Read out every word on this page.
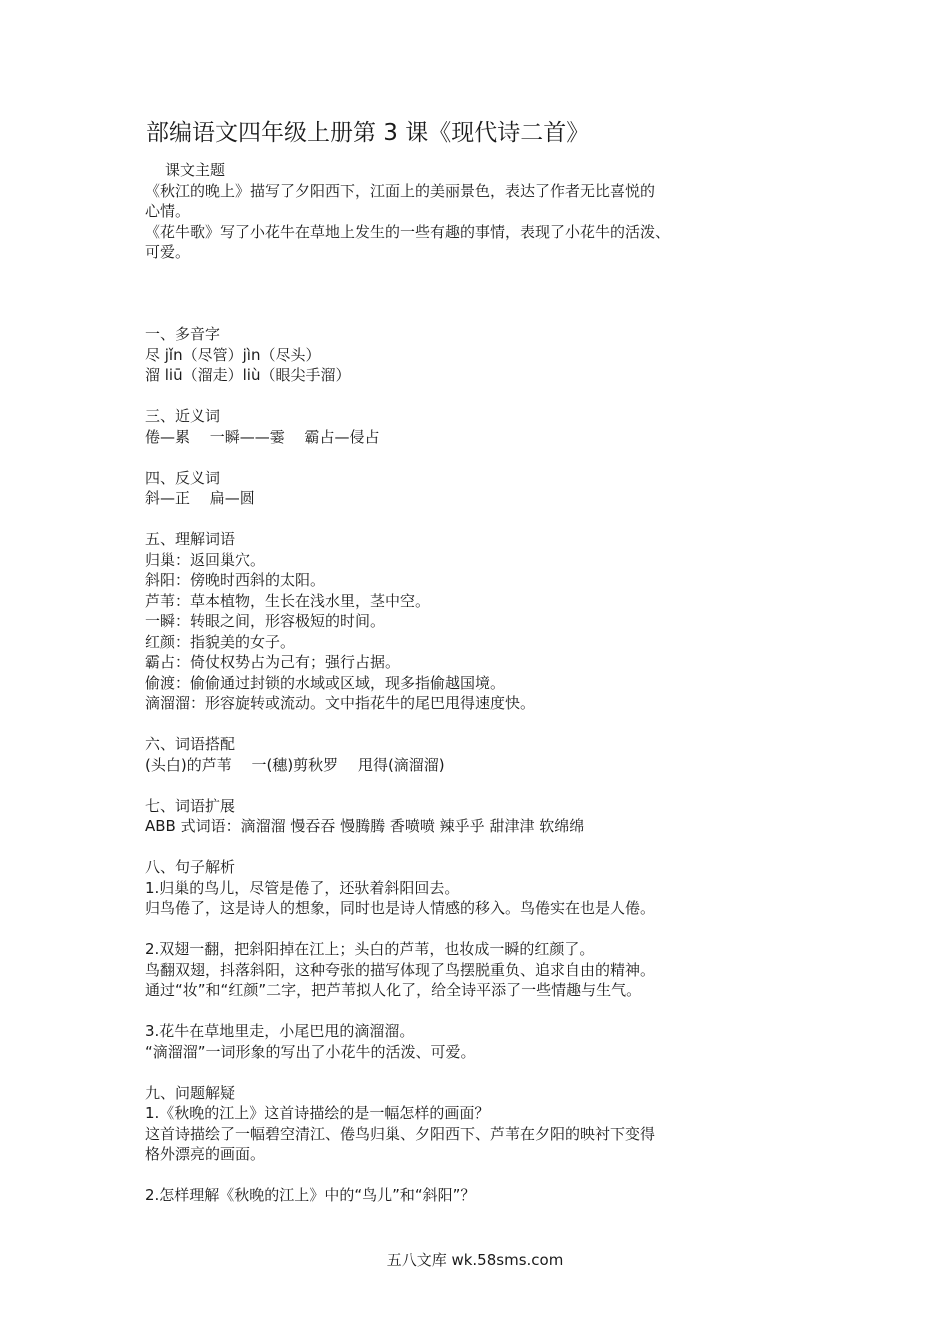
部编语文四年级上册第 3 课《现代诗二首》

课文主题

《秋江的晚上》描写了夕阳西下，江面上的美丽景色，表达了作者无比喜悦的

心情。

《花牛歌》写了小花牛在草地上发生的一些有趣的事情，表现了小花牛的活泼、

可爱。

一、多音字

尽 jǐn（尽管）jìn（尽头）

溜 liū（溜走）liù（眼尖手溜）

三、近义词

倦—累　 一瞬——霎　 霸占—侵占

四、反义词

斜—正　 扁—圆

五、理解词语

归巢：返回巢穴。

斜阳：傍晚时西斜的太阳。

芦苇：草本植物，生长在浅水里，茎中空。

一瞬：转眼之间，形容极短的时间。

红颜：指貌美的女子。

霸占：倚仗权势占为己有；强行占据。

偷渡：偷偷通过封锁的水域或区域，现多指偷越国境。

滴溜溜：形容旋转或流动。文中指花牛的尾巴甩得速度快。

六、词语搭配

(头白)的芦苇　 一(穗)剪秋罗　 甩得(滴溜溜)

七、词语扩展

ABB 式词语：滴溜溜 慢吞吞 慢腾腾 香喷喷 辣乎乎 甜津津 软绵绵

八、句子解析

1.归巢的鸟儿，尽管是倦了，还驮着斜阳回去。

归鸟倦了，这是诗人的想象，同时也是诗人情感的移入。鸟倦实在也是人倦。

2.双翅一翻，把斜阳掉在江上；头白的芦苇，也妆成一瞬的红颜了。

鸟翻双翅，抖落斜阳，这种夸张的描写体现了鸟摆脱重负、追求自由的精神。

通过“妆”和“红颜”二字，把芦苇拟人化了，给全诗平添了一些情趣与生气。

3.花牛在草地里走，小尾巴甩的滴溜溜。

“滴溜溜”一词形象的写出了小花牛的活泼、可爱。

九、问题解疑

1.《秋晚的江上》这首诗描绘的是一幅怎样的画面？

这首诗描绘了一幅碧空清江、倦鸟归巢、夕阳西下、芦苇在夕阳的映衬下变得

格外漂亮的画面。

2.怎样理解《秋晚的江上》中的“鸟儿”和“斜阳”？

五八文库 wk.58sms.com
